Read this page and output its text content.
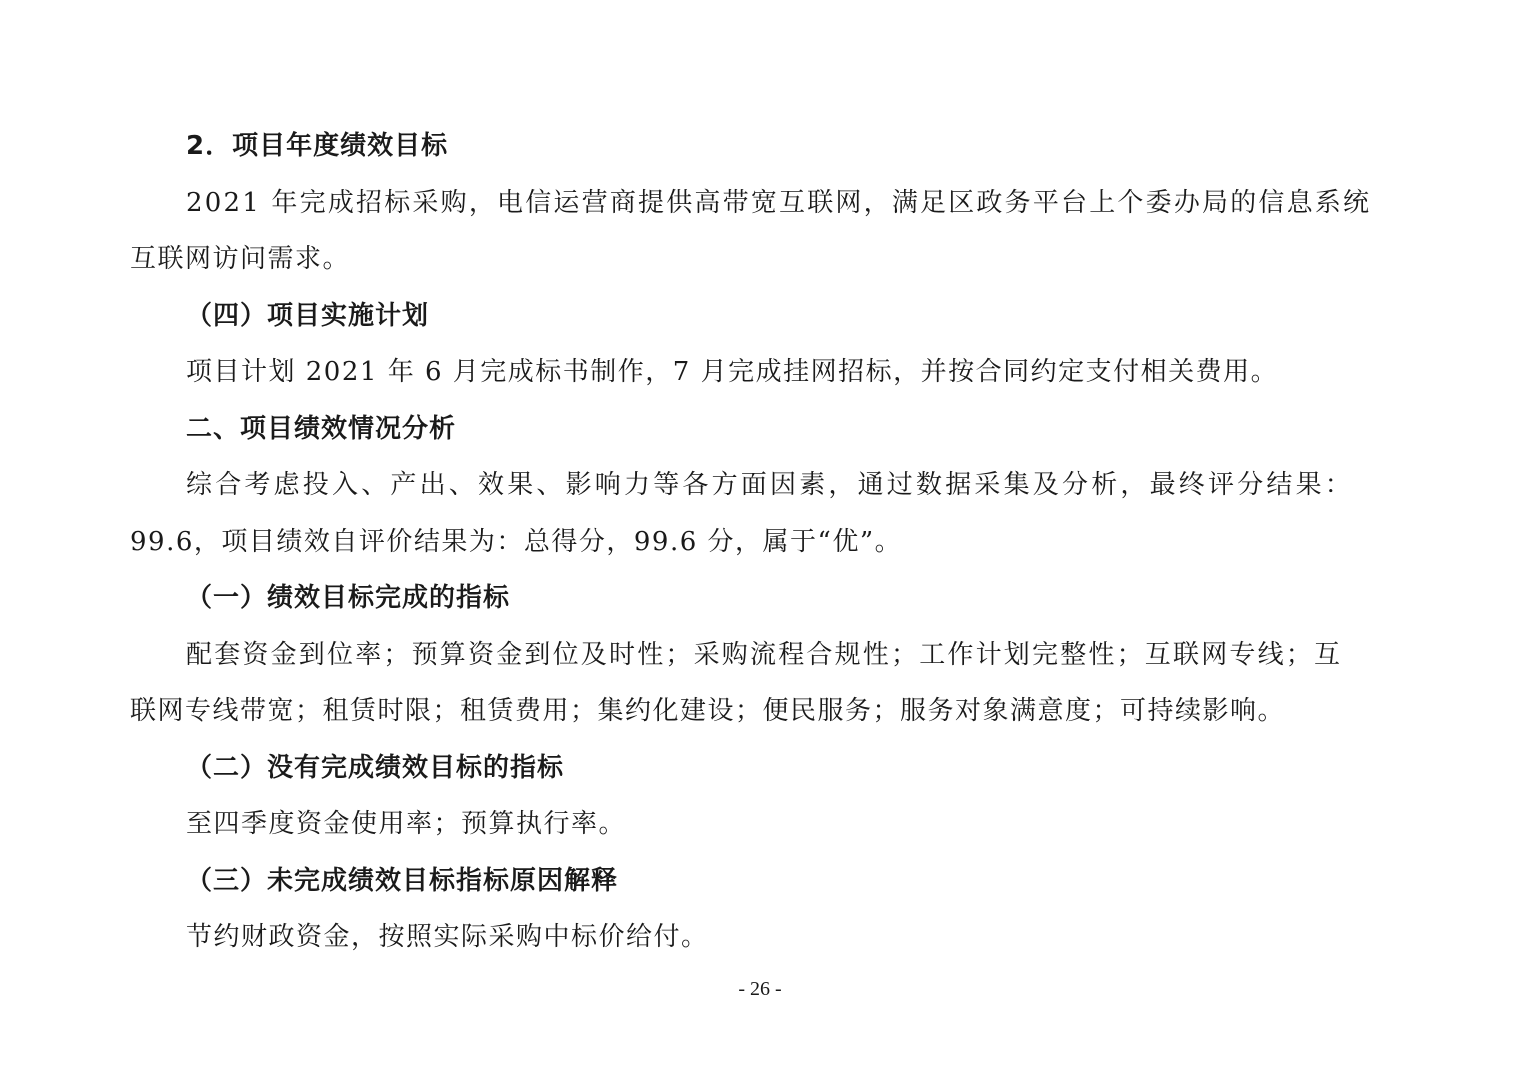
2．项目年度绩效目标
2021 年完成招标采购，电信运营商提供高带宽互联网，满足区政务平台上个委办局的信息系统
互联网访问需求。
（四）项目实施计划
项目计划 2021 年 6 月完成标书制作，7 月完成挂网招标，并按合同约定支付相关费用。
二、项目绩效情况分析
综合考虑投入、产出、效果、影响力等各方面因素，通过数据采集及分析，最终评分结果：
99.6，项目绩效自评价结果为：总得分，99.6 分，属于“优”。
（一）绩效目标完成的指标
配套资金到位率；预算资金到位及时性；采购流程合规性；工作计划完整性；互联网专线；互
联网专线带宽；租赁时限；租赁费用；集约化建设；便民服务；服务对象满意度；可持续影响。
（二）没有完成绩效目标的指标
至四季度资金使用率；预算执行率。
（三）未完成绩效目标指标原因解释
节约财政资金，按照实际采购中标价给付。
- 26 -
